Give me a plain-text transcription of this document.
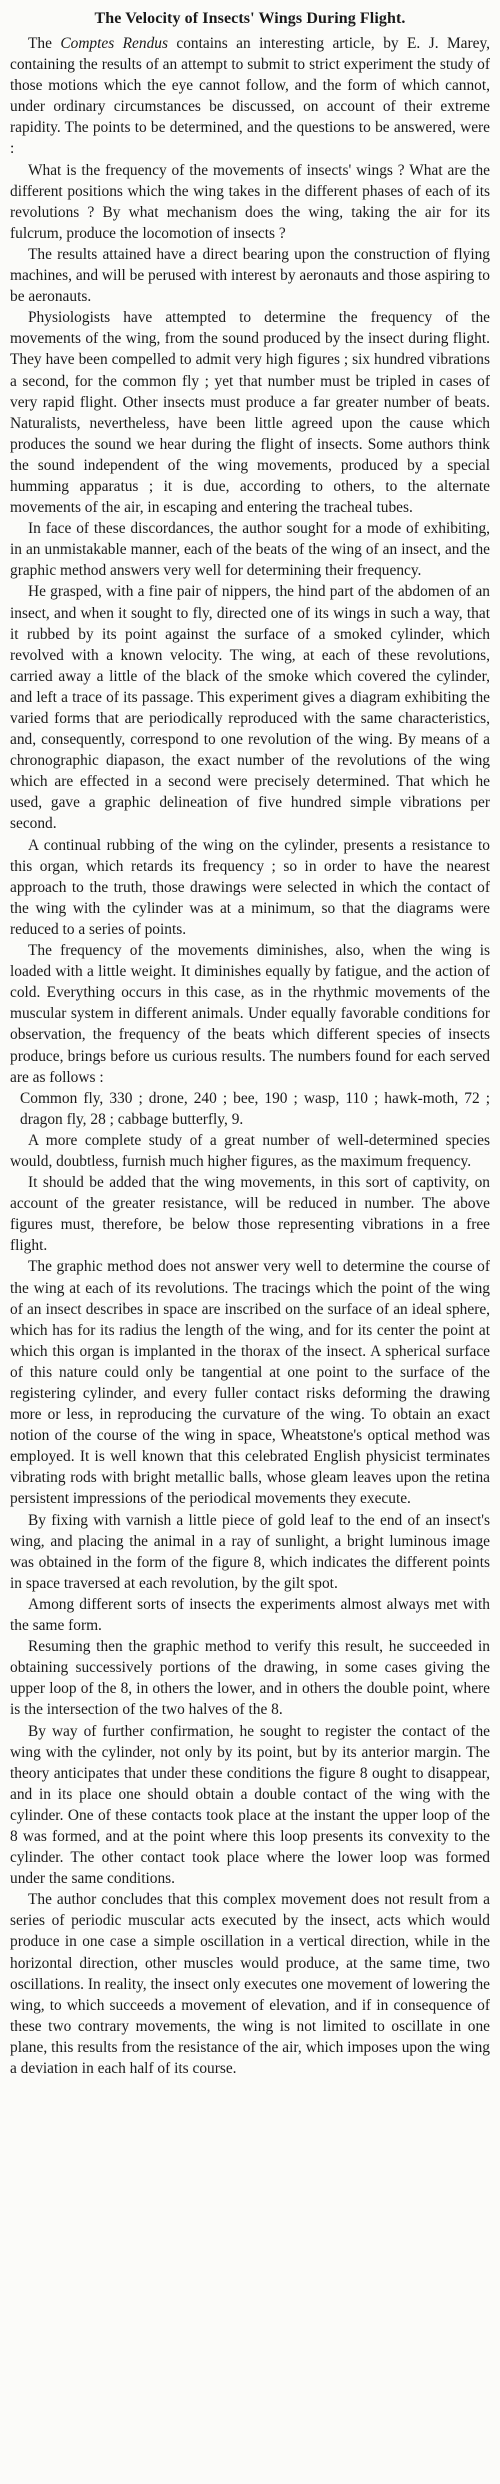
The Velocity of Insects' Wings During Flight.

The Comptes Rendus contains an interesting article, by E. J. Marey, containing the results of an attempt to submit to strict experiment the study of those motions which the eye cannot follow, and the form of which cannot, under ordinary circumstances be discussed, on account of their extreme rapidity. The points to be determined, and the questions to be answered, were :

What is the frequency of the movements of insects' wings ? What are the different positions which the wing takes in the different phases of each of its revolutions ? By what mechanism does the wing, taking the air for its fulcrum, produce the locomotion of insects ?

The results attained have a direct bearing upon the construction of flying machines, and will be perused with interest by aeronauts and those aspiring to be aeronauts.

Physiologists have attempted to determine the frequency of the movements of the wing, from the sound produced by the insect during flight. They have been compelled to admit very high figures ; six hundred vibrations a second, for the common fly ; yet that number must be tripled in cases of very rapid flight. Other insects must produce a far greater number of beats. Naturalists, nevertheless, have been little agreed upon the cause which produces the sound we hear during the flight of insects. Some authors think the sound independent of the wing movements, produced by a special humming apparatus ; it is due, according to others, to the alternate movements of the air, in escaping and entering the tracheal tubes.

In face of these discordances, the author sought for a mode of exhibiting, in an unmistakable manner, each of the beats of the wing of an insect, and the graphic method answers very well for determining their frequency.

He grasped, with a fine pair of nippers, the hind part of the abdomen of an insect, and when it sought to fly, directed one of its wings in such a way, that it rubbed by its point against the surface of a smoked cylinder, which revolved with a known velocity. The wing, at each of these revolutions, carried away a little of the black of the smoke which covered the cylinder, and left a trace of its passage. This experiment gives a diagram exhibiting the varied forms that are periodically reproduced with the same characteristics, and, consequently, correspond to one revolution of the wing. By means of a chronographic diapason, the exact number of the revolutions of the wing which are effected in a second were precisely determined. That which he used, gave a graphic delineation of five hundred simple vibrations per second.

A continual rubbing of the wing on the cylinder, presents a resistance to this organ, which retards its frequency ; so in order to have the nearest approach to the truth, those drawings were selected in which the contact of the wing with the cylinder was at a minimum, so that the diagrams were reduced to a series of points.

The frequency of the movements diminishes, also, when the wing is loaded with a little weight. It diminishes equally by fatigue, and the action of cold. Everything occurs in this case, as in the rhythmic movements of the muscular system in different animals. Under equally favorable conditions for observation, the frequency of the beats which different species of insects produce, brings before us curious results. The numbers found for each served are as follows :

Common fly, 330 ; drone, 240 ; bee, 190 ; wasp, 110 ; hawk-moth, 72 ; dragon fly, 28 ; cabbage butterfly, 9.

A more complete study of a great number of well-determined species would, doubtless, furnish much higher figures, as the maximum frequency.

It should be added that the wing movements, in this sort of captivity, on account of the greater resistance, will be reduced in number. The above figures must, therefore, be below those representing vibrations in a free flight.

The graphic method does not answer very well to determine the course of the wing at each of its revolutions. The tracings which the point of the wing of an insect describes in space are inscribed on the surface of an ideal sphere, which has for its radius the length of the wing, and for its center the point at which this organ is implanted in the thorax of the insect. A spherical surface of this nature could only be tangential at one point to the surface of the registering cylinder, and every fuller contact risks deforming the drawing more or less, in reproducing the curvature of the wing. To obtain an exact notion of the course of the wing in space, Wheatstone's optical method was employed. It is well known that this celebrated English physicist terminates vibrating rods with bright metallic balls, whose gleam leaves upon the retina persistent impressions of the periodical movements they execute.

By fixing with varnish a little piece of gold leaf to the end of an insect's wing, and placing the animal in a ray of sunlight, a bright luminous image was obtained in the form of the figure 8, which indicates the different points in space traversed at each revolution, by the gilt spot.

Among different sorts of insects the experiments almost always met with the same form.

Resuming then the graphic method to verify this result, he succeeded in obtaining successively portions of the drawing, in some cases giving the upper loop of the 8, in others the lower, and in others the double point, where is the intersection of the two halves of the 8.

By way of further confirmation, he sought to register the contact of the wing with the cylinder, not only by its point, but by its anterior margin. The theory anticipates that under these conditions the figure 8 ought to disappear, and in its place one should obtain a double contact of the wing with the cylinder. One of these contacts took place at the instant the upper loop of the 8 was formed, and at the point where this loop presents its convexity to the cylinder. The other contact took place where the lower loop was formed under the same conditions.

The author concludes that this complex movement does not result from a series of periodic muscular acts executed by the insect, acts which would produce in one case a simple oscillation in a vertical direction, while in the horizontal direction, other muscles would produce, at the same time, two oscillations. In reality, the insect only executes one movement of lowering the wing, to which succeeds a movement of elevation, and if in consequence of these two contrary movements, the wing is not limited to oscillate in one plane, this results from the resistance of the air, which imposes upon the wing a deviation in each half of its course.
